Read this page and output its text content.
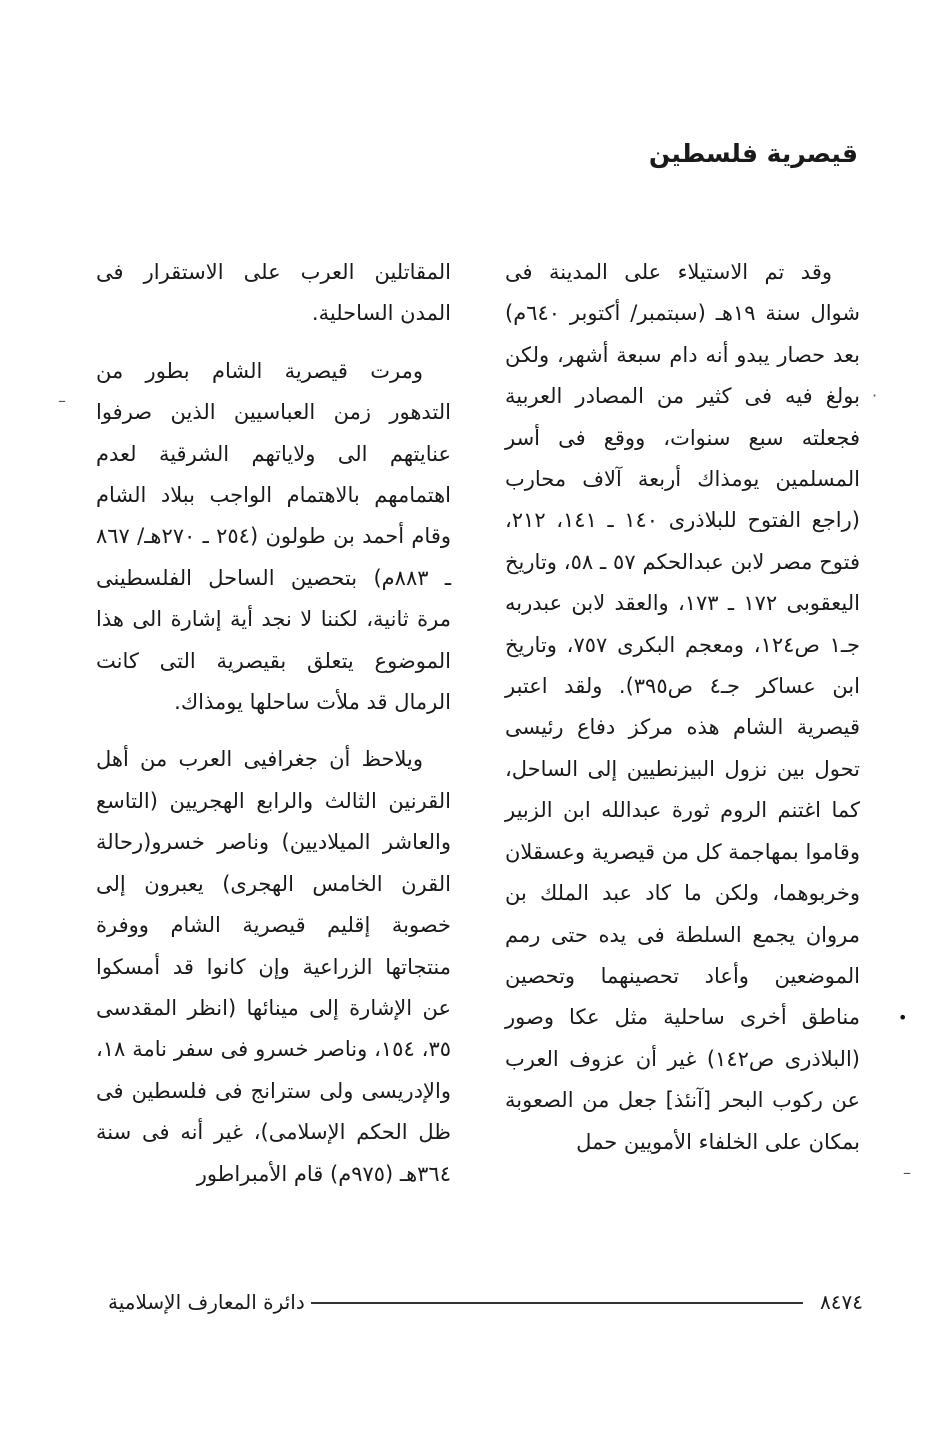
قيصرية فلسطين

وقد تم الاستيلاء على المدينة فى شوال سنة ١٩هـ (سبتمبر/ أكتوبر ٦٤٠م) بعد حصار يبدو أنه دام سبعة أشهر، ولكن بولغ فيه فى كثير من المصادر العربية فجعلته سبع سنوات، ووقع فى أسر المسلمين يومذاك أربعة آلاف محارب (راجع الفتوح للبلاذرى ١٤٠ ـ ١٤١، ٢١٢، فتوح مصر لابن عبدالحكم ٥٧ ـ ٥٨، وتاريخ اليعقوبى ١٧٢ ـ ١٧٣، والعقد لابن عبدربه جـ١ ص١٢٤، ومعجم البكرى ٧٥٧، وتاريخ ابن عساكر جـ٤ ص٣٩٥). ولقد اعتبر قيصرية الشام هذه مركز دفاع رئيسى تحول بين نزول البيزنطيين إلى الساحل، كما اغتنم الروم ثورة عبدالله ابن الزبير وقاموا بمهاجمة كل من قيصرية وعسقلان وخربوهما، ولكن ما كاد عبد الملك بن مروان يجمع السلطة فى يده حتى رمم الموضعين وأعاد تحصينهما وتحصين مناطق أخرى ساحلية مثل عكا وصور (البلاذرى ص١٤٢) غير أن عزوف العرب عن ركوب البحر [آنئذ] جعل من الصعوبة بمكان على الخلفاء الأمويين حمل

المقاتلين العرب على الاستقرار فى المدن الساحلية.

ومرت قيصرية الشام بطور من التدهور زمن العباسيين الذين صرفوا عنايتهم الى ولاياتهم الشرقية لعدم اهتمامهم بالاهتمام الواجب ببلاد الشام وقام أحمد بن طولون (٢٥٤ ـ ٢٧٠هـ/ ٨٦٧ ـ ٨٨٣م) بتحصين الساحل الفلسطينى مرة ثانية، لكننا لا نجد أية إشارة الى هذا الموضوع يتعلق بقيصرية التى كانت الرمال قد ملأت ساحلها يومذاك.

ويلاحظ أن جغرافيى العرب من أهل القرنين الثالث والرابع الهجريين (التاسع والعاشر الميلاديين) وناصر خسرو(رحالة القرن الخامس الهجرى) يعبرون إلى خصوبة إقليم قيصرية الشام ووفرة منتجاتها الزراعية وإن كانوا قد أمسكوا عن الإشارة إلى مينائها (انظر المقدسى ٣٥، ١٥٤، وناصر خسرو فى سفر نامة ١٨، والإدريسى ولى سترانج فى فلسطين فى ظل الحكم الإسلامى)، غير أنه فى سنة ٣٦٤هـ (٩٧٥م) قام الأمبراطور

–	·
•
–
٨٤٧٤
دائرة المعارف الإسلامية
